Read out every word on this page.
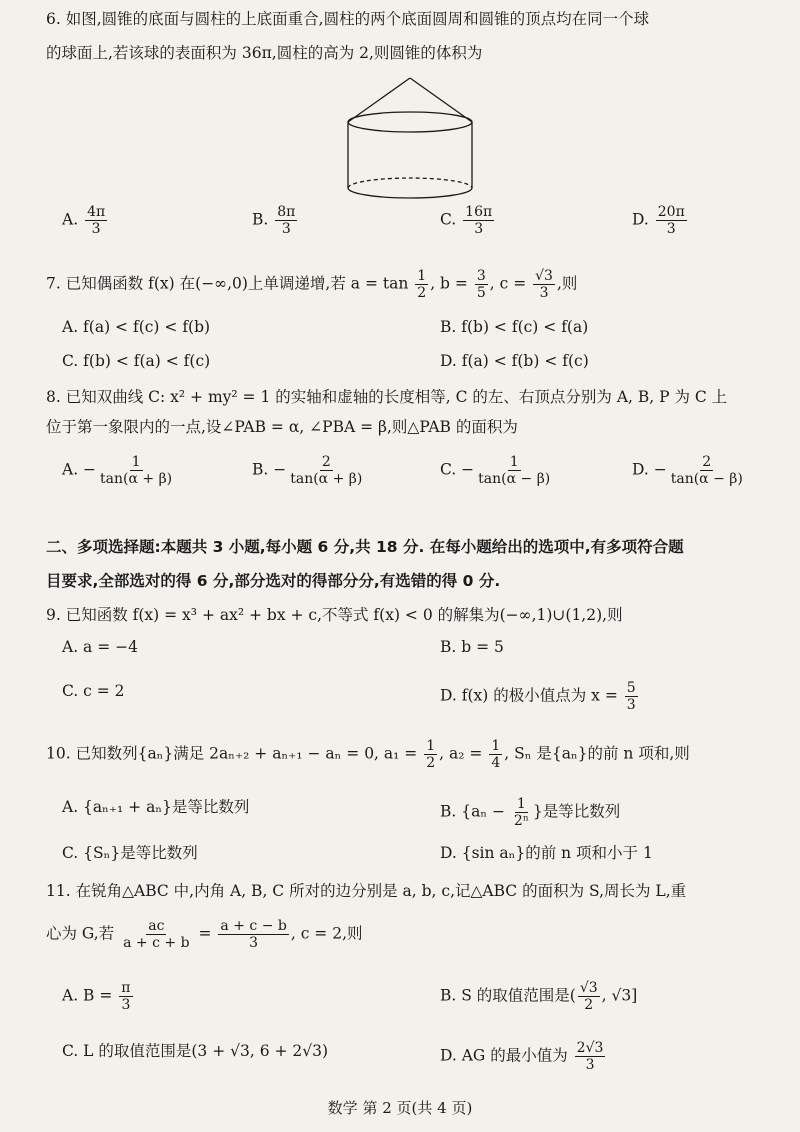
6. 如图,圆锥的底面与圆柱的上底面重合,圆柱的两个底面圆周和圆锥的顶点均在同一个球
的球面上,若该球的表面积为 36π,圆柱的高为 2,则圆锥的体积为
A. $\frac{4\pi}{3}$	B. $\frac{8\pi}{3}$	C. $\frac{16\pi}{3}$	D. $\frac{20\pi}{3}$
7. 已知偶函数 f(x) 在(−∞,0)上单调递增,若 $a = \tan \frac{1}{2}$ , $b = \frac{3}{5}$ , $c = \frac{√3}{3}$ ,则
A. f(a) < f(c) < f(b)	B. f(b) < f(c) < f(a)
C. f(b) < f(a) < f(c)	D. f(a) < f(b) < f(c)
8. 已知双曲线 C: x² + my² = 1 的实轴和虚轴的长度相等, C 的左、右顶点分别为 A, B, P 为 C 上
位于第一象限内的一点,设∠PAB = α, ∠PBA = β,则△PAB 的面积为
A. − $\frac{1}{\tan(\alpha + \beta)}$	B. − $\frac{2}{\tan(\alpha + \beta)}$	C. − $\frac{1}{\tan(\alpha - \beta)}$	D. − $\frac{2}{\tan(\alpha - \beta)}$
二、多项选择题:本题共 3 小题,每小题 6 分,共 18 分. 在每小题给出的选项中,有多项符合题
目要求,全部选对的得 6 分,部分选对的得部分分,有选错的得 0 分.
9. 已知函数 f(x) = x³ + ax² + bx + c,不等式 f(x) < 0 的解集为(−∞,1)∪(1,2),则
A. a = −4	B. b = 5
C. c = 2	D. f(x) 的极小值点为 $x = \frac{5}{3}$
10. 已知数列{aₙ}满足 2aₙ₊₂ + aₙ₊₁ − aₙ = 0, $a_1 = \frac{1}{2}$ , $a_2 = \frac{1}{4}$ , Sₙ 是{aₙ}的前 n 项和,则
A. {aₙ₊₁ + aₙ}是等比数列	B. {$a_n - \frac{1}{\text{2ⁿ}}$ }是等比数列
C. {Sₙ}是等比数列	D. {sin aₙ}的前 n 项和小于 1
11. 在锐角△ABC 中,内角 A, B, C 所对的边分别是 a, b, c,记△ABC 的面积为 S,周长为 L,重
心为 G,若 $\frac{ac}{a + c + b} = \frac{a + c - b}{3}$ , c = 2,则
A. $B = \frac{\pi}{3}$	B. S 的取值范围是( $\frac{√3}{2}$ , √3]
C. L 的取值范围是(3 + √3, 6 + 2√3)	D. AG 的最小值为 $\frac{2√3}{3}$
数学 第 2 页(共 4 页)
